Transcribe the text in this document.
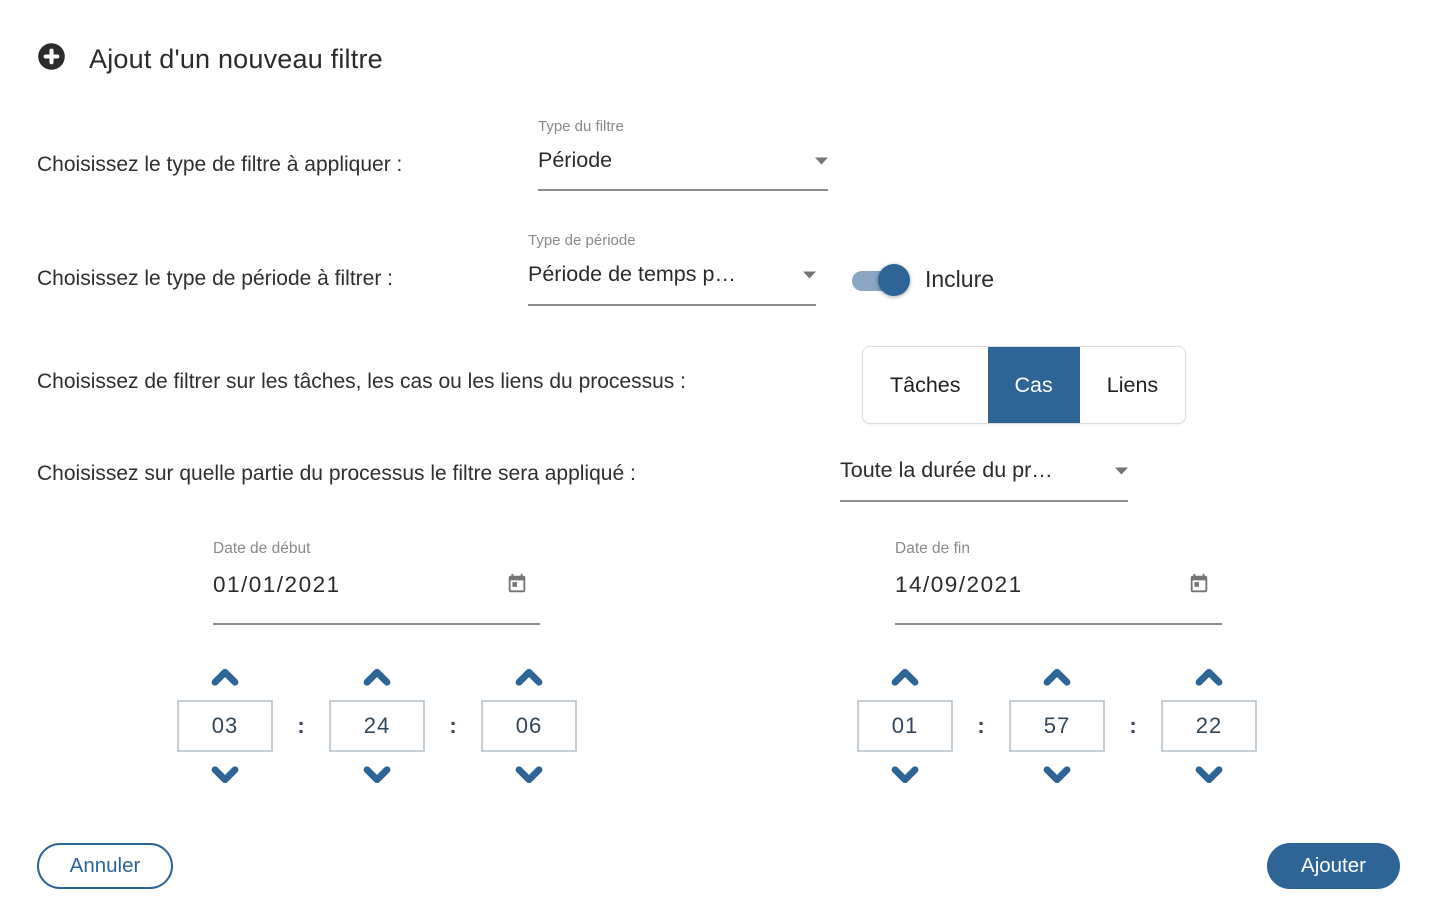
Ajout d'un nouveau filtre
Choisissez le type de filtre à appliquer :
Type du filtre
Période
Choisissez le type de période à filtrer :
Type de période
Période de temps p…	Inclure
Choisissez de filtrer sur les tâches, les cas ou les liens du processus :	Tâches	Cas	Liens
Choisissez sur quelle partie du processus le filtre sera appliqué :	Toute la durée du pr…
Date de début
01/01/2021
Date de fin
14/09/2021
03	:	24	:	06	01	:	57	:	22
Annuler	Ajouter
